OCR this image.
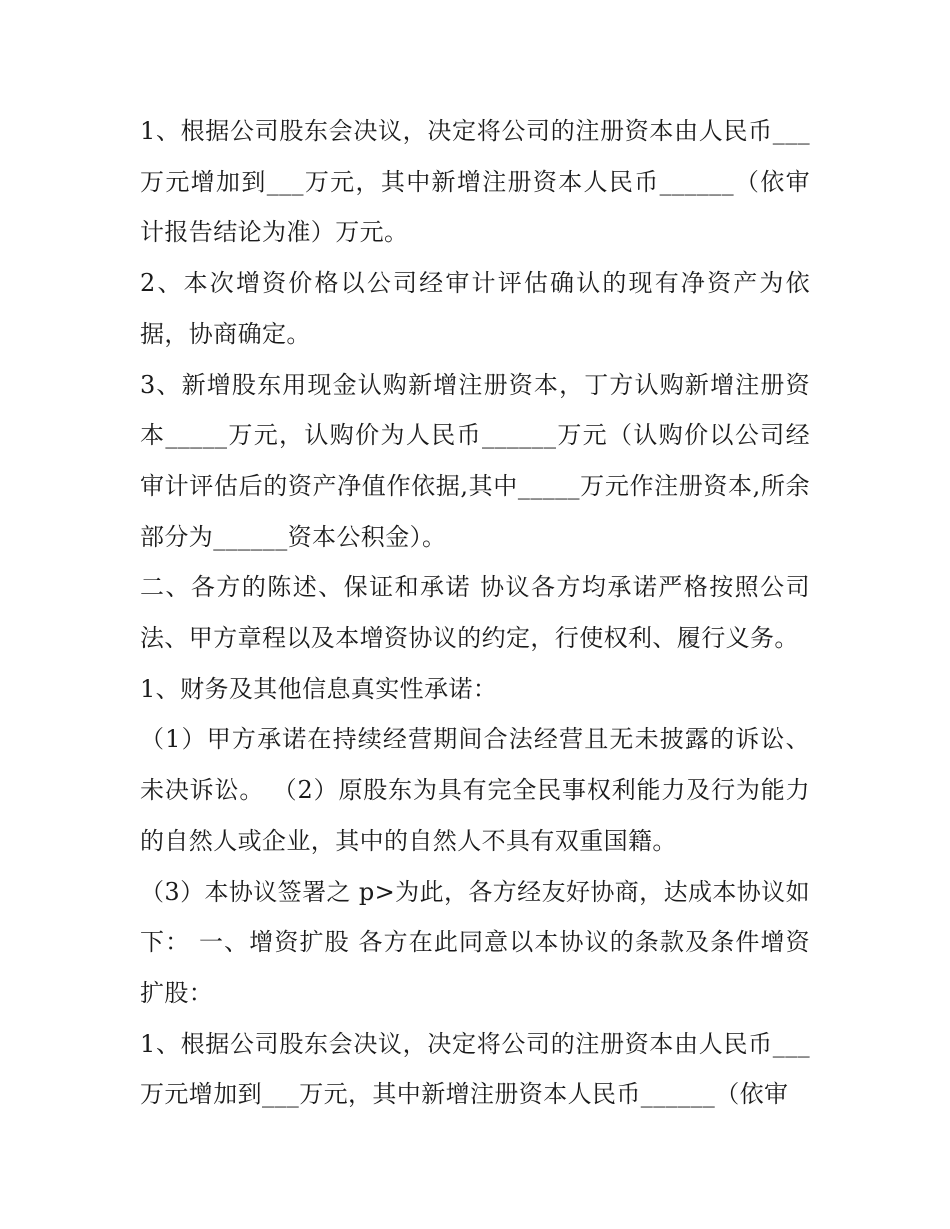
1、根据公司股东会决议，决定将公司的注册资本由人民币___万元增加到___万元，其中新增注册资本人民币______（依审计报告结论为准）万元。

2、本次增资价格以公司经审计评估确认的现有净资产为依据，协商确定。

3、新增股东用现金认购新增注册资本，丁方认购新增注册资本_____万元，认购价为人民币______万元（认购价以公司经审计评估后的资产净值作依据,其中_____万元作注册资本,所余部分为______资本公积金）。

二、各方的陈述、保证和承诺 协议各方均承诺严格按照公司法、甲方章程以及本增资协议的约定，行使权利、履行义务。

1、财务及其他信息真实性承诺：

（1）甲方承诺在持续经营期间合法经营且无未披露的诉讼、未决诉讼。 （2）原股东为具有完全民事权利能力及行为能力的自然人或企业，其中的自然人不具有双重国籍。

（3）本协议签署之 p>为此，各方经友好协商，达成本协议如下： 一、增资扩股 各方在此同意以本协议的条款及条件增资扩股：

1、根据公司股东会决议，决定将公司的注册资本由人民币___万元增加到___万元，其中新增注册资本人民币______（依审
